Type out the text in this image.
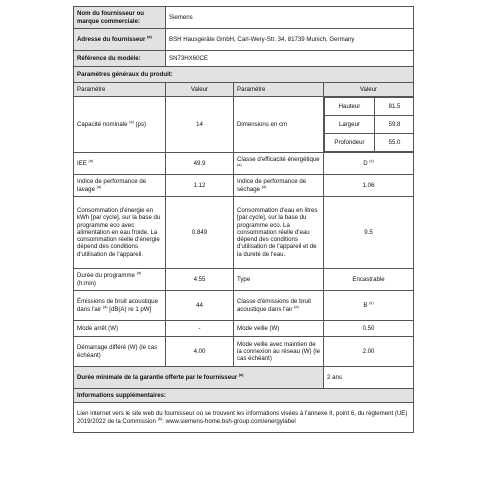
Nom du fournisseur ou marque commerciale:	Siemens
Adresse du fournisseur $^{(a)}$	BSH Hausgeräte GmbH, Carl-Wery-Str. 34, 81739 Munich, Germany
Référence du modèle:	SN73HX60CE
Paramètres généraux du produit:
Paramètre	Valeur	Paramètre	Valeur
Capacité nominale $^{(a)}$ (ps)	14	Dimensions en cm	
Hauteur	81.5
Largeur	59.8
Profondeur	55.0

IEE $^{(a)}$	49.9	Classe d'efficacité énergétique $^{(a)}$	D $^{(c)}$
Indice de performance de lavage $^{(a)}$	1.12	Indice de performance de séchage $^{(a)}$	1.06
Consommation d'énergie en kWh [par cycle], sur la base du programme eco avec alimentation en eau froide. La consommation réelle d'énergie dépend des conditions d'utilisation de l'appareil.	0.849	Consommation d'eau en litres [par cycle], sur la base du programme eco. La consommation réelle d'eau dépend des conditions d'utilisation de l'appareil et de la dureté de l'eau.	9.5
Durée du programme $^{(a)}$
(h:min)	4:55	Type	Encastrable
Émissions de bruit acoustique dans l'air $^{(a)}$ [dB(A) re 1 pW]	44	Classe d'émissions de bruit acoustique dans l'air $^{(a)}$	B $^{(c)}$
Mode arrêt (W)	-	Mode veille (W)	0.50
Démarrage différé (W) (le cas échéant)	4.00	Mode veille avec maintien de la connexion au réseau (W) (le cas échéant)	2.00
Durée minimale de la garantie offerte par le fournisseur $^{(a)}$	2 ans
Informations supplémentaires:
Lien internet vers le site web du fournisseur où se trouvent les informations visées à l'annexe II, point 6, du règlement (UE) 2019/2022 de la Commission $^{(b)}$: www.siemens-home.bsh-group.com/energylabel
